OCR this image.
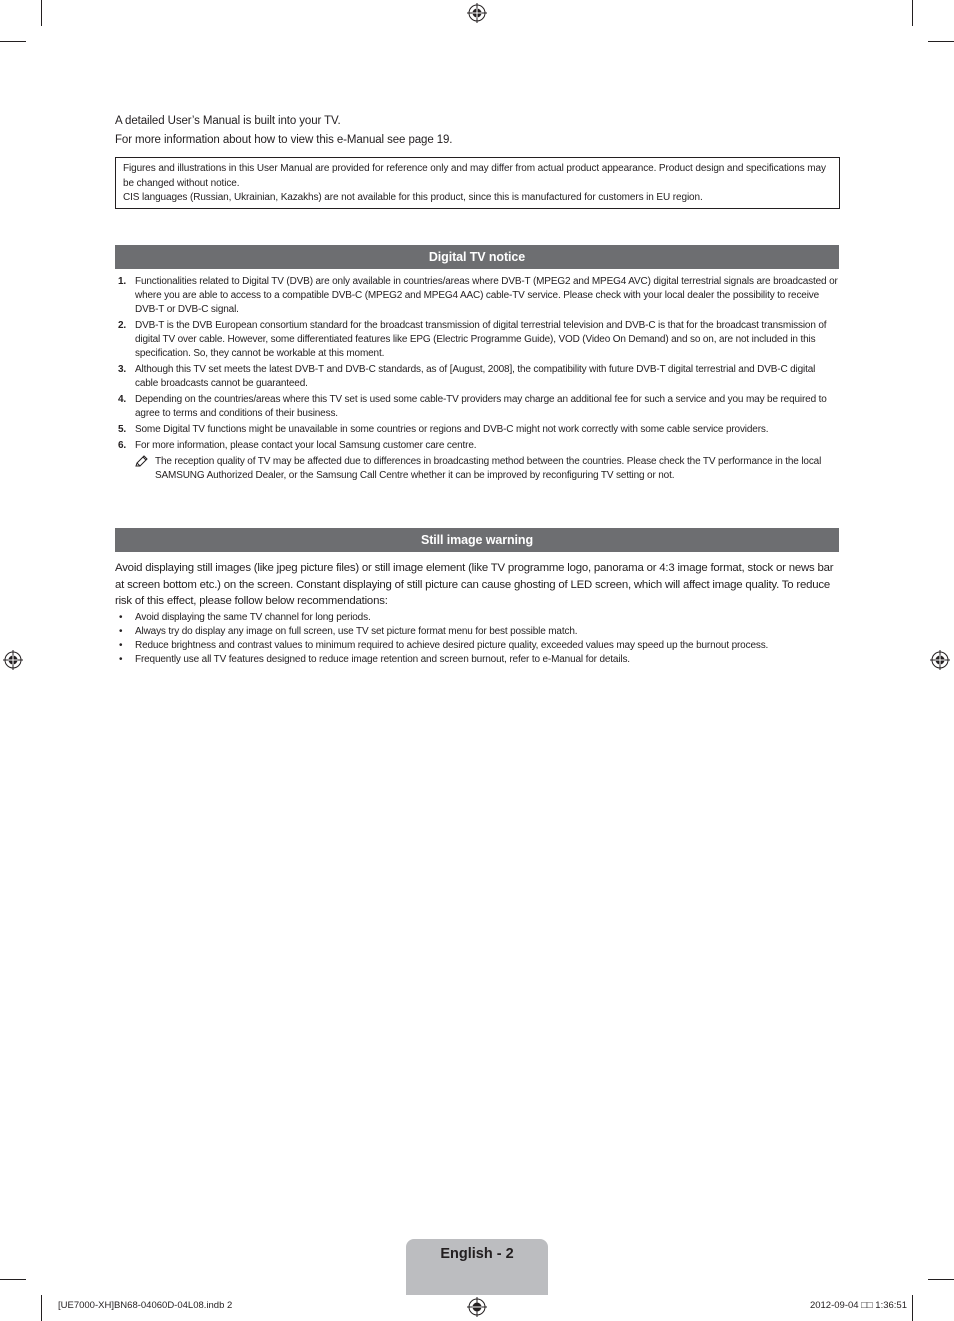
A detailed User’s Manual is built into your TV.
For more information about how to view this e-Manual see page 19.
Figures and illustrations in this User Manual are provided for reference only and may differ from actual product appearance. Product design and specifications may be changed without notice.
CIS languages (Russian, Ukrainian, Kazakhs) are not available for this product, since this is manufactured for customers in EU region.
Digital TV notice
1. Functionalities related to Digital TV (DVB) are only available in countries/areas where DVB-T (MPEG2 and MPEG4 AVC) digital terrestrial signals are broadcasted or where you are able to access to a compatible DVB-C (MPEG2 and MPEG4 AAC) cable-TV service. Please check with your local dealer the possibility to receive DVB-T or DVB-C signal.
2. DVB-T is the DVB European consortium standard for the broadcast transmission of digital terrestrial television and DVB-C is that for the broadcast transmission of digital TV over cable. However, some differentiated features like EPG (Electric Programme Guide), VOD (Video On Demand) and so on, are not included in this specification. So, they cannot be workable at this moment.
3. Although this TV set meets the latest DVB-T and DVB-C standards, as of [August, 2008], the compatibility with future DVB-T digital terrestrial and DVB-C digital cable broadcasts cannot be guaranteed.
4. Depending on the countries/areas where this TV set is used some cable-TV providers may charge an additional fee for such a service and you may be required to agree to terms and conditions of their business.
5. Some Digital TV functions might be unavailable in some countries or regions and DVB-C might not work correctly with some cable service providers.
6. For more information, please contact your local Samsung customer care centre.
The reception quality of TV may be affected due to differences in broadcasting method between the countries. Please check the TV performance in the local SAMSUNG Authorized Dealer, or the Samsung Call Centre whether it can be improved by reconfiguring TV setting or not.
Still image warning
Avoid displaying still images (like jpeg picture files) or still image element (like TV programme logo, panorama or 4:3 image format, stock or news bar at screen bottom etc.) on the screen. Constant displaying of still picture can cause ghosting of LED screen, which will affect image quality. To reduce risk of this effect, please follow below recommendations:
•	Avoid displaying the same TV channel for long periods.
•	Always try do display any image on full screen, use TV set picture format menu for best possible match.
•	Reduce brightness and contrast values to minimum required to achieve desired picture quality, exceeded values may speed up the burnout process.
•	Frequently use all TV features designed to reduce image retention and screen burnout, refer to e-Manual for details.
English - 2
[UE7000-XH]BN68-04060D-04L08.indb 2	2012-09-04 □□ 1:36:51
